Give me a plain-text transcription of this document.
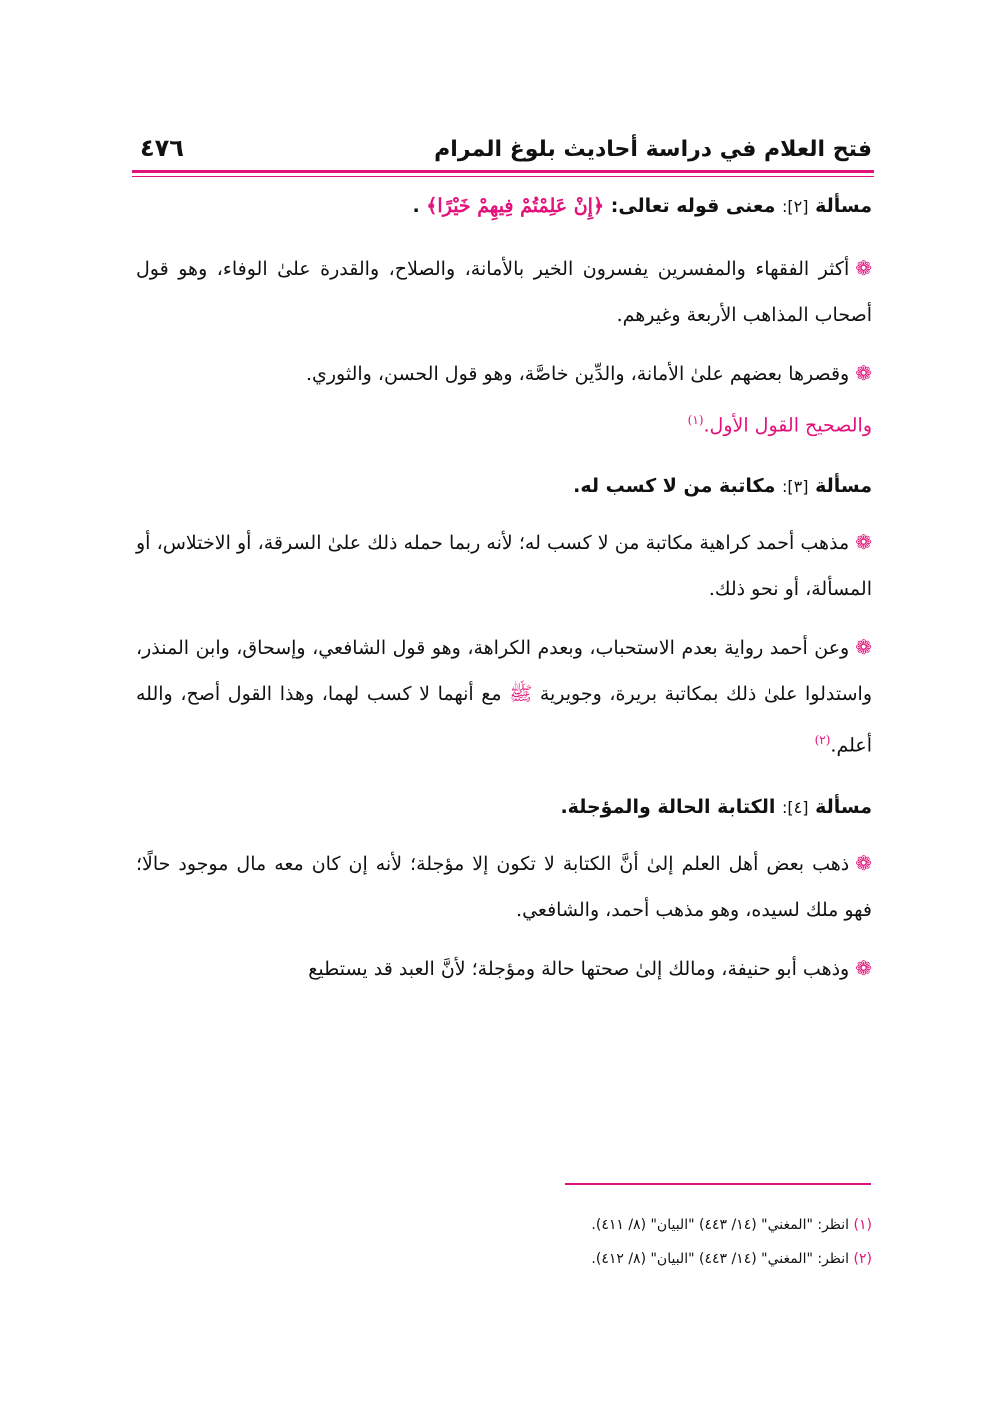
فتح العلام في دراسة أحاديث بلوغ المرام
٤٧٦

مسألة [٢]: معنى قوله تعالى: ﴿إِنْ عَلِمْتُمْ فِيهِمْ خَيْرًا﴾ .

❁أكثر الفقهاء والمفسرين يفسرون الخير بالأمانة، والصلاح، والقدرة علىٰ الوفاء، وهو قول أصحاب المذاهب الأربعة وغيرهم.

❁وقصرها بعضهم علىٰ الأمانة، والدِّين خاصَّة، وهو قول الحسن، والثوري.

والصحيح القول الأول.$^{(١)}$

مسألة [٣]: مكاتبة من لا كسب له.

❁مذهب أحمد كراهية مكاتبة من لا كسب له؛ لأنه ربما حمله ذلك علىٰ السرقة، أو الاختلاس، أو المسألة، أو نحو ذلك.

❁وعن أحمد رواية بعدم الاستحباب، وبعدم الكراهة، وهو قول الشافعي، وإسحاق، وابن المنذر، واستدلوا علىٰ ذلك بمكاتبة بريرة، وجويرية ﷺ مع أنهما لا كسب لهما، وهذا القول أصح، والله أعلم.$^{(٢)}$

مسألة [٤]: الكتابة الحالة والمؤجلة.

❁ذهب بعض أهل العلم إلىٰ أنَّ الكتابة لا تكون إلا مؤجلة؛ لأنه إن كان معه مال موجود حالًا؛ فهو ملك لسيده، وهو مذهب أحمد، والشافعي.

❁وذهب أبو حنيفة، ومالك إلىٰ صحتها حالة ومؤجلة؛ لأنَّ العبد قد يستطيع

(١) انظر: "المغني" (١٤/ ٤٤٣) "البيان" (٨/ ٤١١).
(٢) انظر: "المغني" (١٤/ ٤٤٣) "البيان" (٨/ ٤١٢).
